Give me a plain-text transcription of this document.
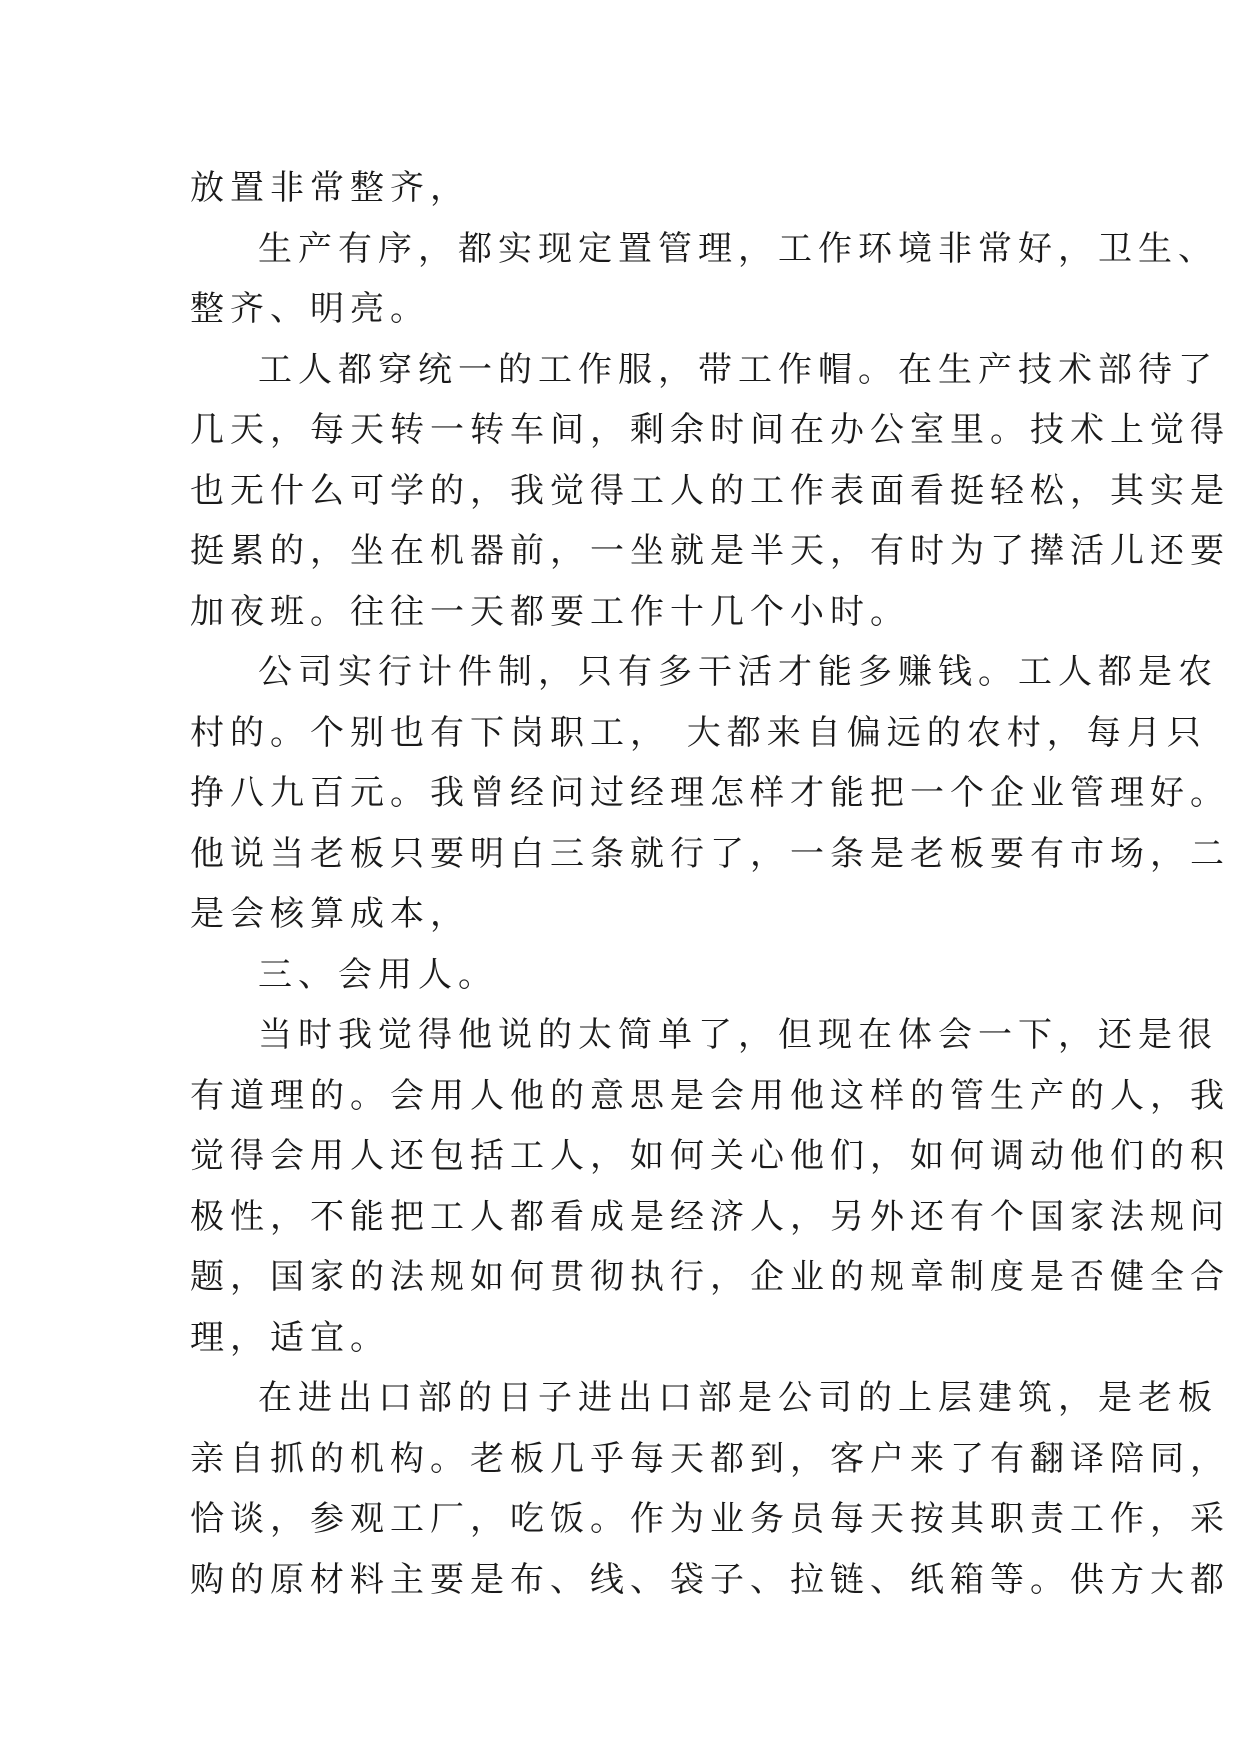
放置非常整齐，

生产有序，都实现定置管理，工作环境非常好，卫生、

整齐、明亮。

工人都穿统一的工作服，带工作帽。在生产技术部待了

几天，每天转一转车间，剩余时间在办公室里。技术上觉得

也无什么可学的，我觉得工人的工作表面看挺轻松，其实是

挺累的，坐在机器前，一坐就是半天，有时为了撵活儿还要

加夜班。往往一天都要工作十几个小时。

公司实行计件制，只有多干活才能多赚钱。工人都是农

村的。个别也有下岗职工， 大都来自偏远的农村，每月只

挣八九百元。我曾经问过经理怎样才能把一个企业管理好。

他说当老板只要明白三条就行了，一条是老板要有市场，二

是会核算成本，

三、会用人。

当时我觉得他说的太简单了，但现在体会一下，还是很

有道理的。会用人他的意思是会用他这样的管生产的人，我

觉得会用人还包括工人，如何关心他们，如何调动他们的积

极性，不能把工人都看成是经济人，另外还有个国家法规问

题，国家的法规如何贯彻执行，企业的规章制度是否健全合

理，适宜。

在进出口部的日子进出口部是公司的上层建筑，是老板

亲自抓的机构。老板几乎每天都到，客户来了有翻译陪同，

恰谈，参观工厂，吃饭。作为业务员每天按其职责工作，采

购的原材料主要是布、线、袋子、拉链、纸箱等。供方大都
